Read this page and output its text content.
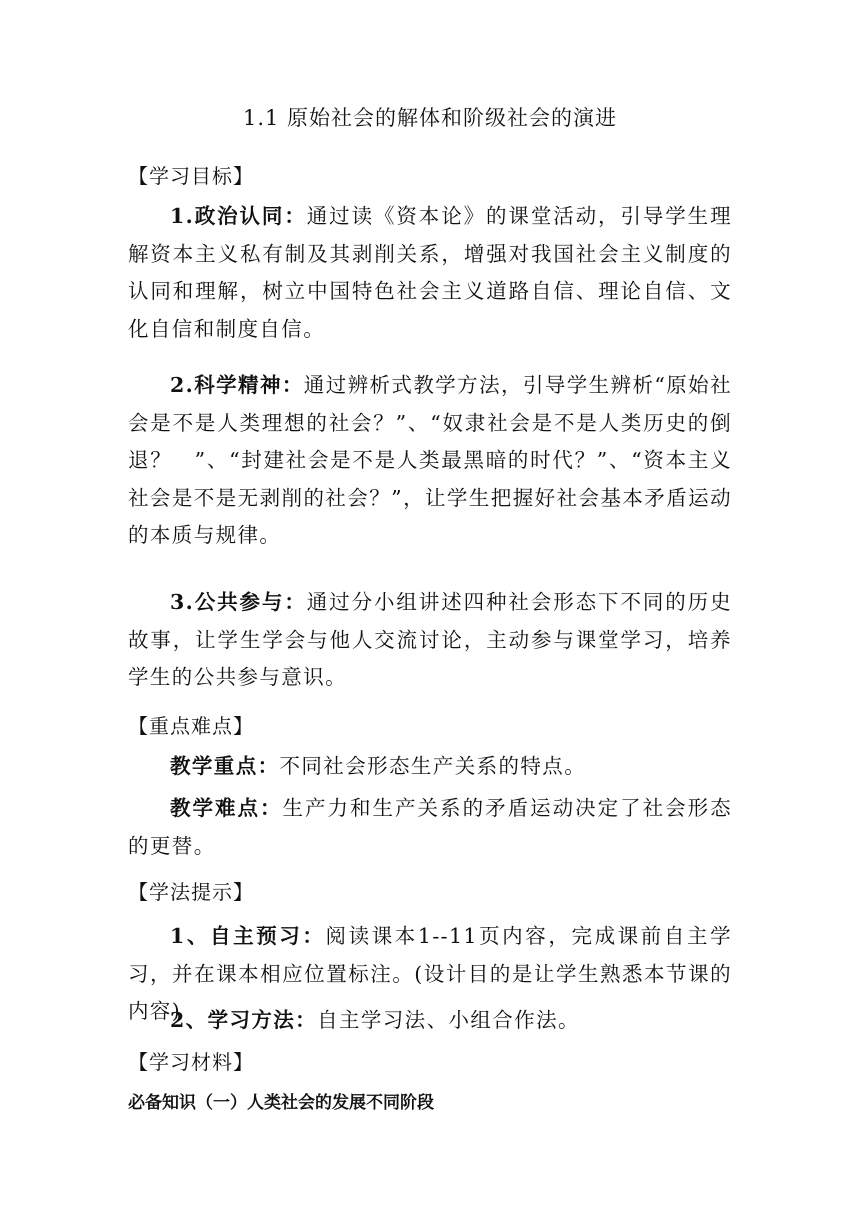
1.1 原始社会的解体和阶级社会的演进
【学习目标】
1.政治认同：通过读《资本论》的课堂活动，引导学生理解资本主义私有制及其剥削关系，增强对我国社会主义制度的认同和理解，树立中国特色社会主义道路自信、理论自信、文化自信和制度自信。
2.科学精神：通过辨析式教学方法，引导学生辨析“原始社会是不是人类理想的社会？”、“奴隶社会是不是人类历史的倒退？　”、“封建社会是不是人类最黑暗的时代？”、“资本主义社会是不是无剥削的社会？”，让学生把握好社会基本矛盾运动的本质与规律。
3.公共参与：通过分小组讲述四种社会形态下不同的历史故事，让学生学会与他人交流讨论，主动参与课堂学习，培养学生的公共参与意识。
【重点难点】
教学重点：不同社会形态生产关系的特点。
教学难点：生产力和生产关系的矛盾运动决定了社会形态的更替。
【学法提示】
1、自主预习：阅读课本1--11页内容，完成课前自主学习，并在课本相应位置标注。(设计目的是让学生熟悉本节课的内容)
2、学习方法：自主学习法、小组合作法。
【学习材料】
必备知识（一）人类社会的发展不同阶段
